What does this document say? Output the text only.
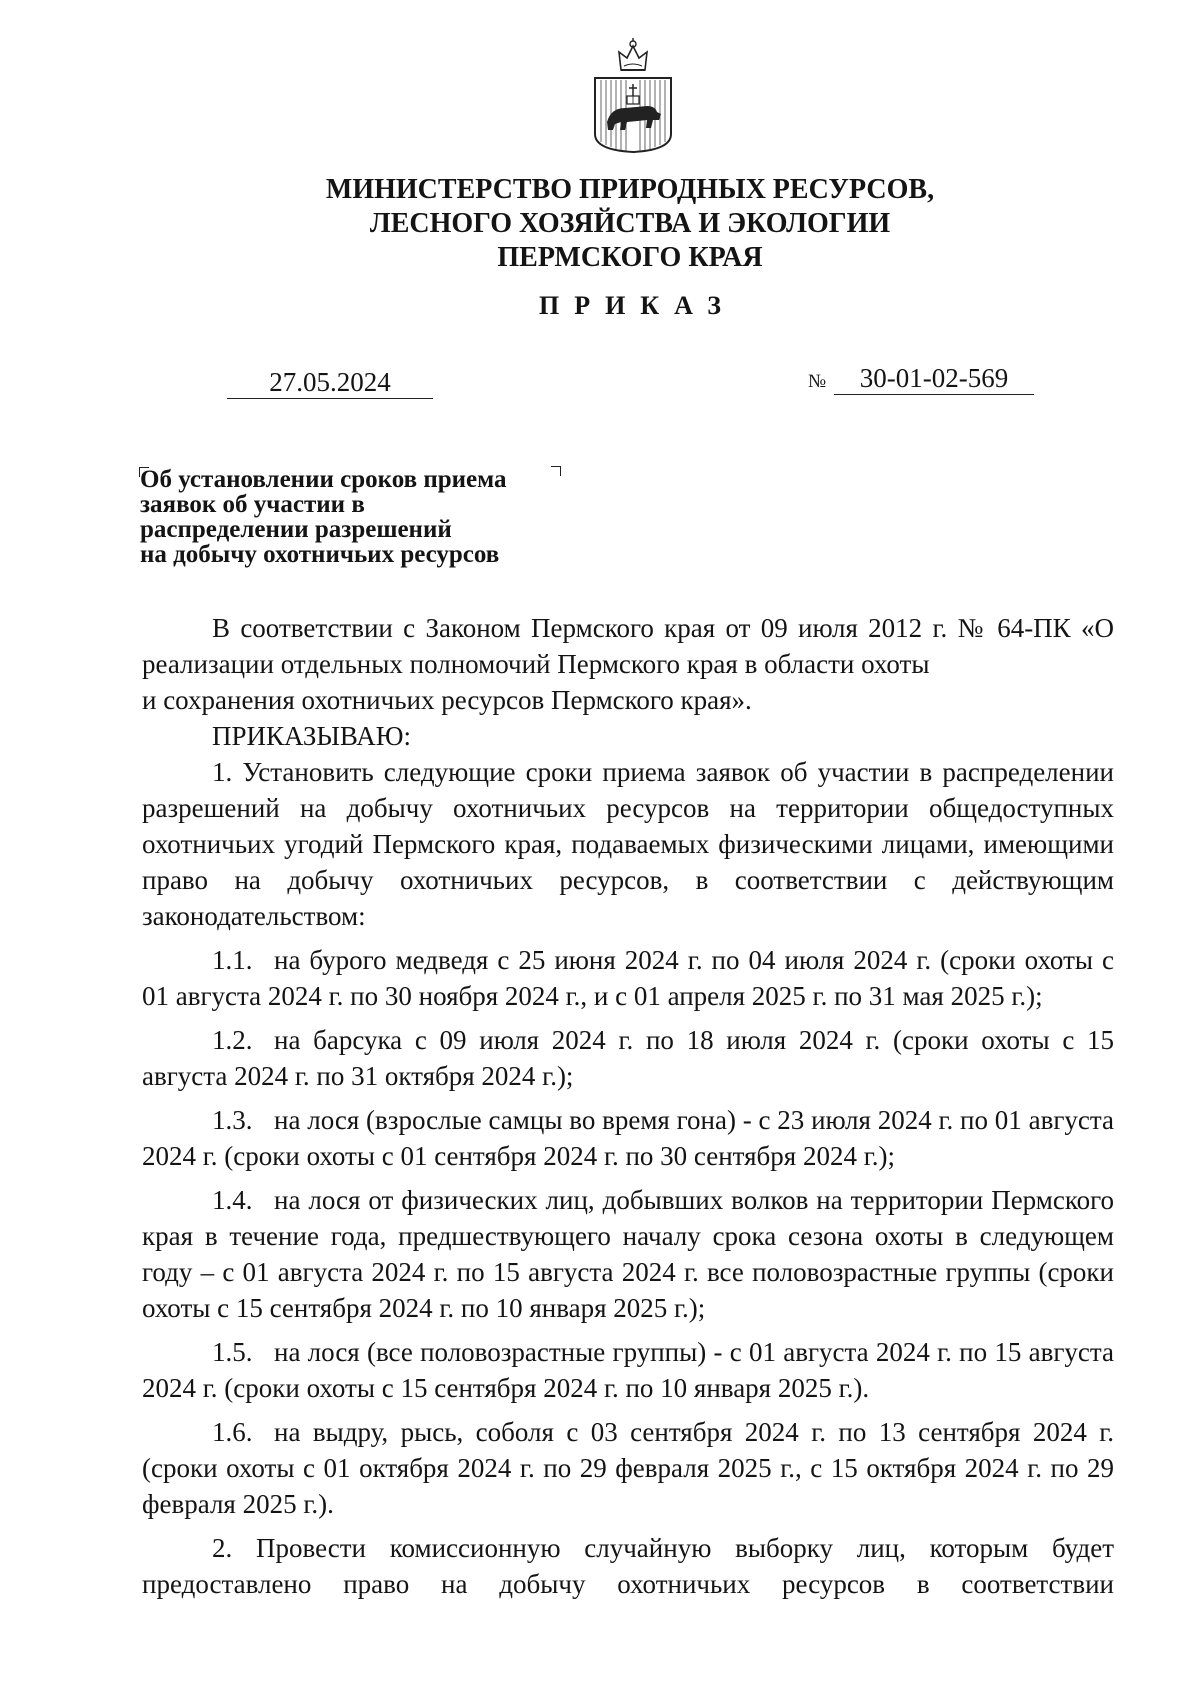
МИНИСТЕРСТВО ПРИРОДНЫХ РЕСУРСОВ,
ЛЕСНОГО ХОЗЯЙСТВА И ЭКОЛОГИИ
ПЕРМСКОГО КРАЯ
ПРИКАЗ
27.05.2024	№	30-01-02-569
Об установлении сроков приема
заявок об участии в
распределении разрешений
на добычу охотничьих ресурсов
В соответствии с Законом Пермского края от 09 июля 2012 г. № 64-ПК «О реализации отдельных полномочий Пермского края в области охоты
и сохранения охотничьих ресурсов Пермского края».
ПРИКАЗЫВАЮ:
1. Установить следующие сроки приема заявок об участии в распределении разрешений на добычу охотничьих ресурсов на территории общедоступных охотничьих угодий Пермского края, подаваемых физическими лицами, имеющими право на добычу охотничьих ресурсов, в соответствии с действующим законодательством:
1.1. на бурого медведя с 25 июня 2024 г. по 04 июля 2024 г. (сроки охоты с 01 августа 2024 г. по 30 ноября 2024 г., и с 01 апреля 2025 г. по 31 мая 2025 г.);
1.2. на барсука с 09 июля 2024 г. по 18 июля 2024 г. (сроки охоты с 15 августа 2024 г. по 31 октября 2024 г.);
1.3. на лося (взрослые самцы во время гона) - с 23 июля 2024 г. по 01 августа 2024 г. (сроки охоты с 01 сентября 2024 г. по 30 сентября 2024 г.);
1.4. на лося от физических лиц, добывших волков на территории Пермского края в течение года, предшествующего началу срока сезона охоты в следующем году – с 01 августа 2024 г. по 15 августа 2024 г. все половозрастные группы (сроки охоты с 15 сентября 2024 г. по 10 января 2025 г.);
1.5. на лося (все половозрастные группы) - с 01 августа 2024 г. по 15 августа 2024 г. (сроки охоты с 15 сентября 2024 г. по 10 января 2025 г.).
1.6. на выдру, рысь, соболя с 03 сентября 2024 г. по 13 сентября 2024 г. (сроки охоты с 01 октября 2024 г. по 29 февраля 2025 г., с 15 октября 2024 г. по 29 февраля 2025 г.).
2. Провести комиссионную случайную выборку лиц, которым будет предоставлено право на добычу охотничьих ресурсов в соответствии
